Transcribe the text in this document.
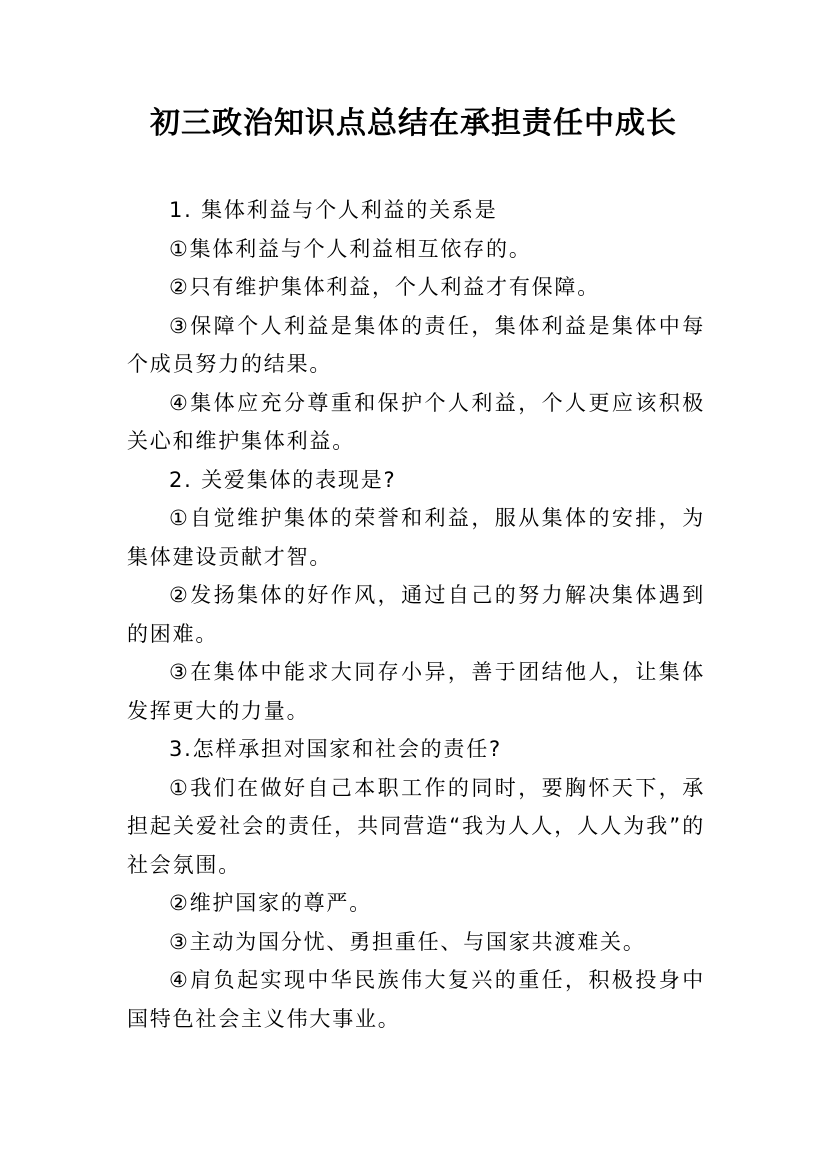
初三政治知识点总结在承担责任中成长

1. 集体利益与个人利益的关系是

①集体利益与个人利益相互依存的。

②只有维护集体利益，个人利益才有保障。

③保障个人利益是集体的责任，集体利益是集体中每个成员努力的结果。

④集体应充分尊重和保护个人利益，个人更应该积极关心和维护集体利益。

2. 关爱集体的表现是?

①自觉维护集体的荣誉和利益，服从集体的安排，为集体建设贡献才智。

②发扬集体的好作风，通过自己的努力解决集体遇到的困难。

③在集体中能求大同存小异，善于团结他人，让集体发挥更大的力量。

3.怎样承担对国家和社会的责任?

①我们在做好自己本职工作的同时，要胸怀天下，承担起关爱社会的责任，共同营造“我为人人，人人为我”的社会氛围。

②维护国家的尊严。

③主动为国分忧、勇担重任、与国家共渡难关。

④肩负起实现中华民族伟大复兴的重任，积极投身中国特色社会主义伟大事业。
